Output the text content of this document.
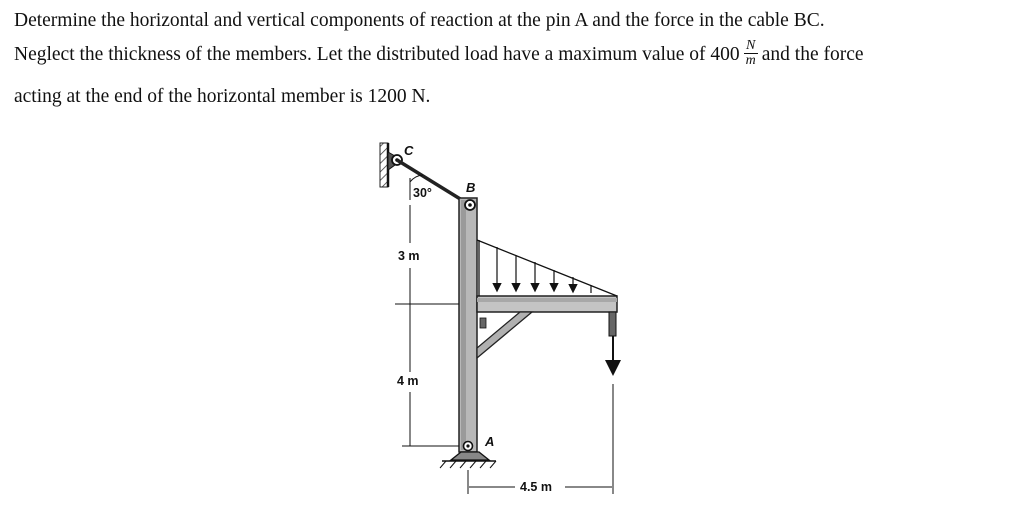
Determine the horizontal and vertical components of reaction at the pin A and the force in the cable BC.
Neglect the thickness of the members. Let the distributed load have a maximum value of $400 \frac{N}{m}$ and the force
acting at the end of the horizontal member is 1200 N.
C
30°	B
A
3 m
4 m
4.5 m
